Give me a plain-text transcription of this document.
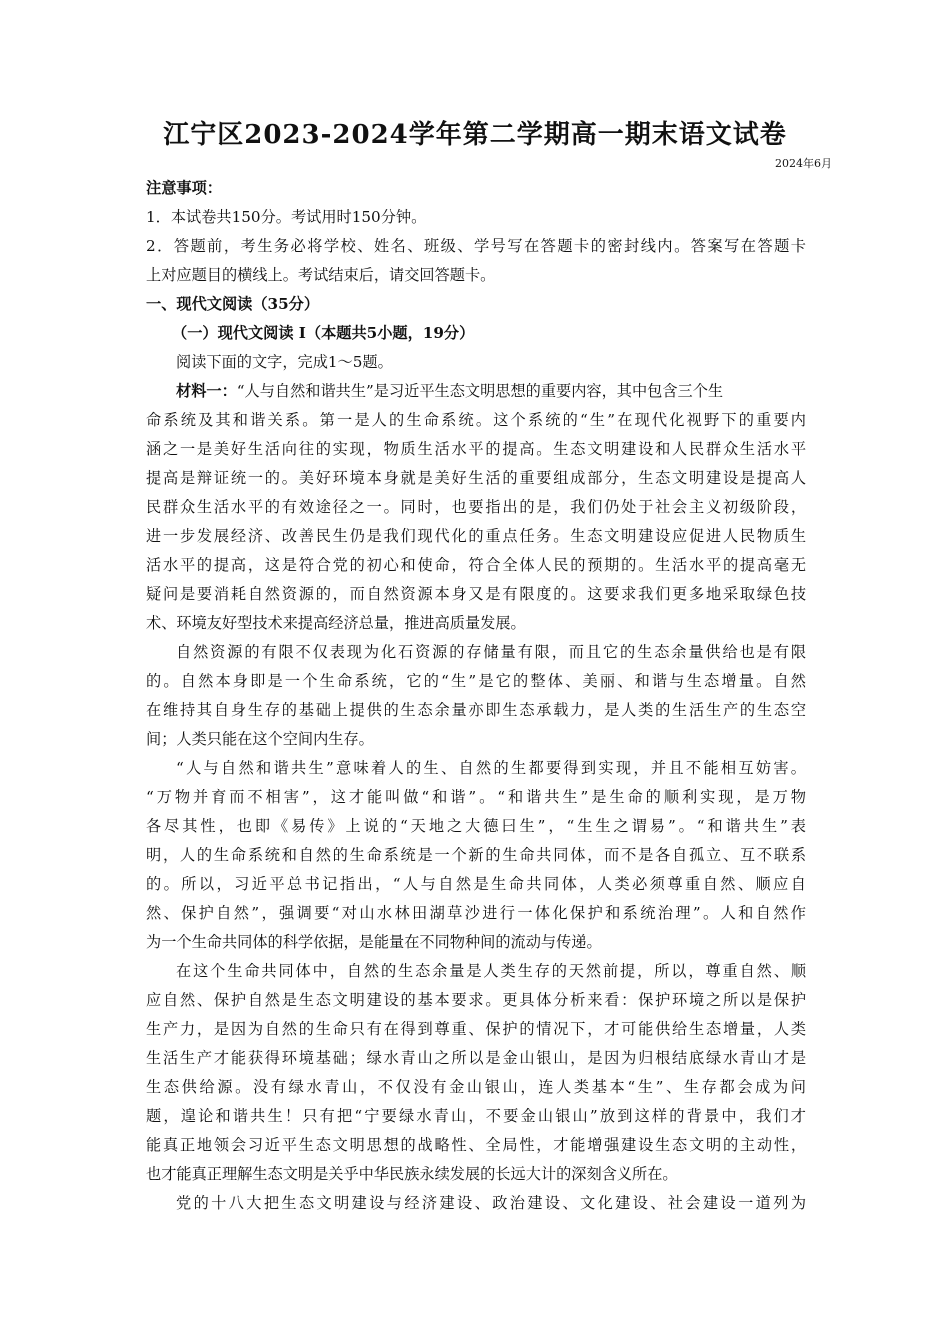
江宁区2023-2024学年第二学期高一期末语文试卷
2024年6月
注意事项：
1．本试卷共150分。考试用时150分钟。
2．答题前，考生务必将学校、姓名、班级、学号写在答题卡的密封线内。答案写在答题卡
上对应题目的横线上。考试结束后，请交回答题卡。
一、现代文阅读（35分）
（一）现代文阅读 I（本题共5小题，19分）
阅读下面的文字，完成1～5题。
材料一：“人与自然和谐共生”是习近平生态文明思想的重要内容，其中包含三个生
命系统及其和谐关系。第一是人的生命系统。这个系统的“生”在现代化视野下的重要内
涵之一是美好生活向往的实现，物质生活水平的提高。生态文明建设和人民群众生活水平
提高是辩证统一的。美好环境本身就是美好生活的重要组成部分，生态文明建设是提高人
民群众生活水平的有效途径之一。同时，也要指出的是，我们仍处于社会主义初级阶段，
进一步发展经济、改善民生仍是我们现代化的重点任务。生态文明建设应促进人民物质生
活水平的提高，这是符合党的初心和使命，符合全体人民的预期的。生活水平的提高毫无
疑问是要消耗自然资源的，而自然资源本身又是有限度的。这要求我们更多地采取绿色技
术、环境友好型技术来提高经济总量，推进高质量发展。
自然资源的有限不仅表现为化石资源的存储量有限，而且它的生态余量供给也是有限
的。自然本身即是一个生命系统，它的“生”是它的整体、美丽、和谐与生态增量。自然
在维持其自身生存的基础上提供的生态余量亦即生态承载力，是人类的生活生产的生态空
间；人类只能在这个空间内生存。
“人与自然和谐共生”意味着人的生、自然的生都要得到实现，并且不能相互妨害。
“万物并育而不相害”，这才能叫做“和谐”。“和谐共生”是生命的顺利实现，是万物
各尽其性，也即《易传》上说的“天地之大德曰生”，“生生之谓易”。“和谐共生”表
明，人的生命系统和自然的生命系统是一个新的生命共同体，而不是各自孤立、互不联系
的。所以，习近平总书记指出，“人与自然是生命共同体，人类必须尊重自然、顺应自
然、保护自然”，强调要“对山水林田湖草沙进行一体化保护和系统治理”。人和自然作
为一个生命共同体的科学依据，是能量在不同物种间的流动与传递。
在这个生命共同体中，自然的生态余量是人类生存的天然前提，所以，尊重自然、顺
应自然、保护自然是生态文明建设的基本要求。更具体分析来看：保护环境之所以是保护
生产力，是因为自然的生命只有在得到尊重、保护的情况下，才可能供给生态增量，人类
生活生产才能获得环境基础；绿水青山之所以是金山银山，是因为归根结底绿水青山才是
生态供给源。没有绿水青山，不仅没有金山银山，连人类基本“生”、生存都会成为问
题，遑论和谐共生！只有把“宁要绿水青山，不要金山银山”放到这样的背景中，我们才
能真正地领会习近平生态文明思想的战略性、全局性，才能增强建设生态文明的主动性，
也才能真正理解生态文明是关乎中华民族永续发展的长远大计的深刻含义所在。
党的十八大把生态文明建设与经济建设、政治建设、文化建设、社会建设一道列为
